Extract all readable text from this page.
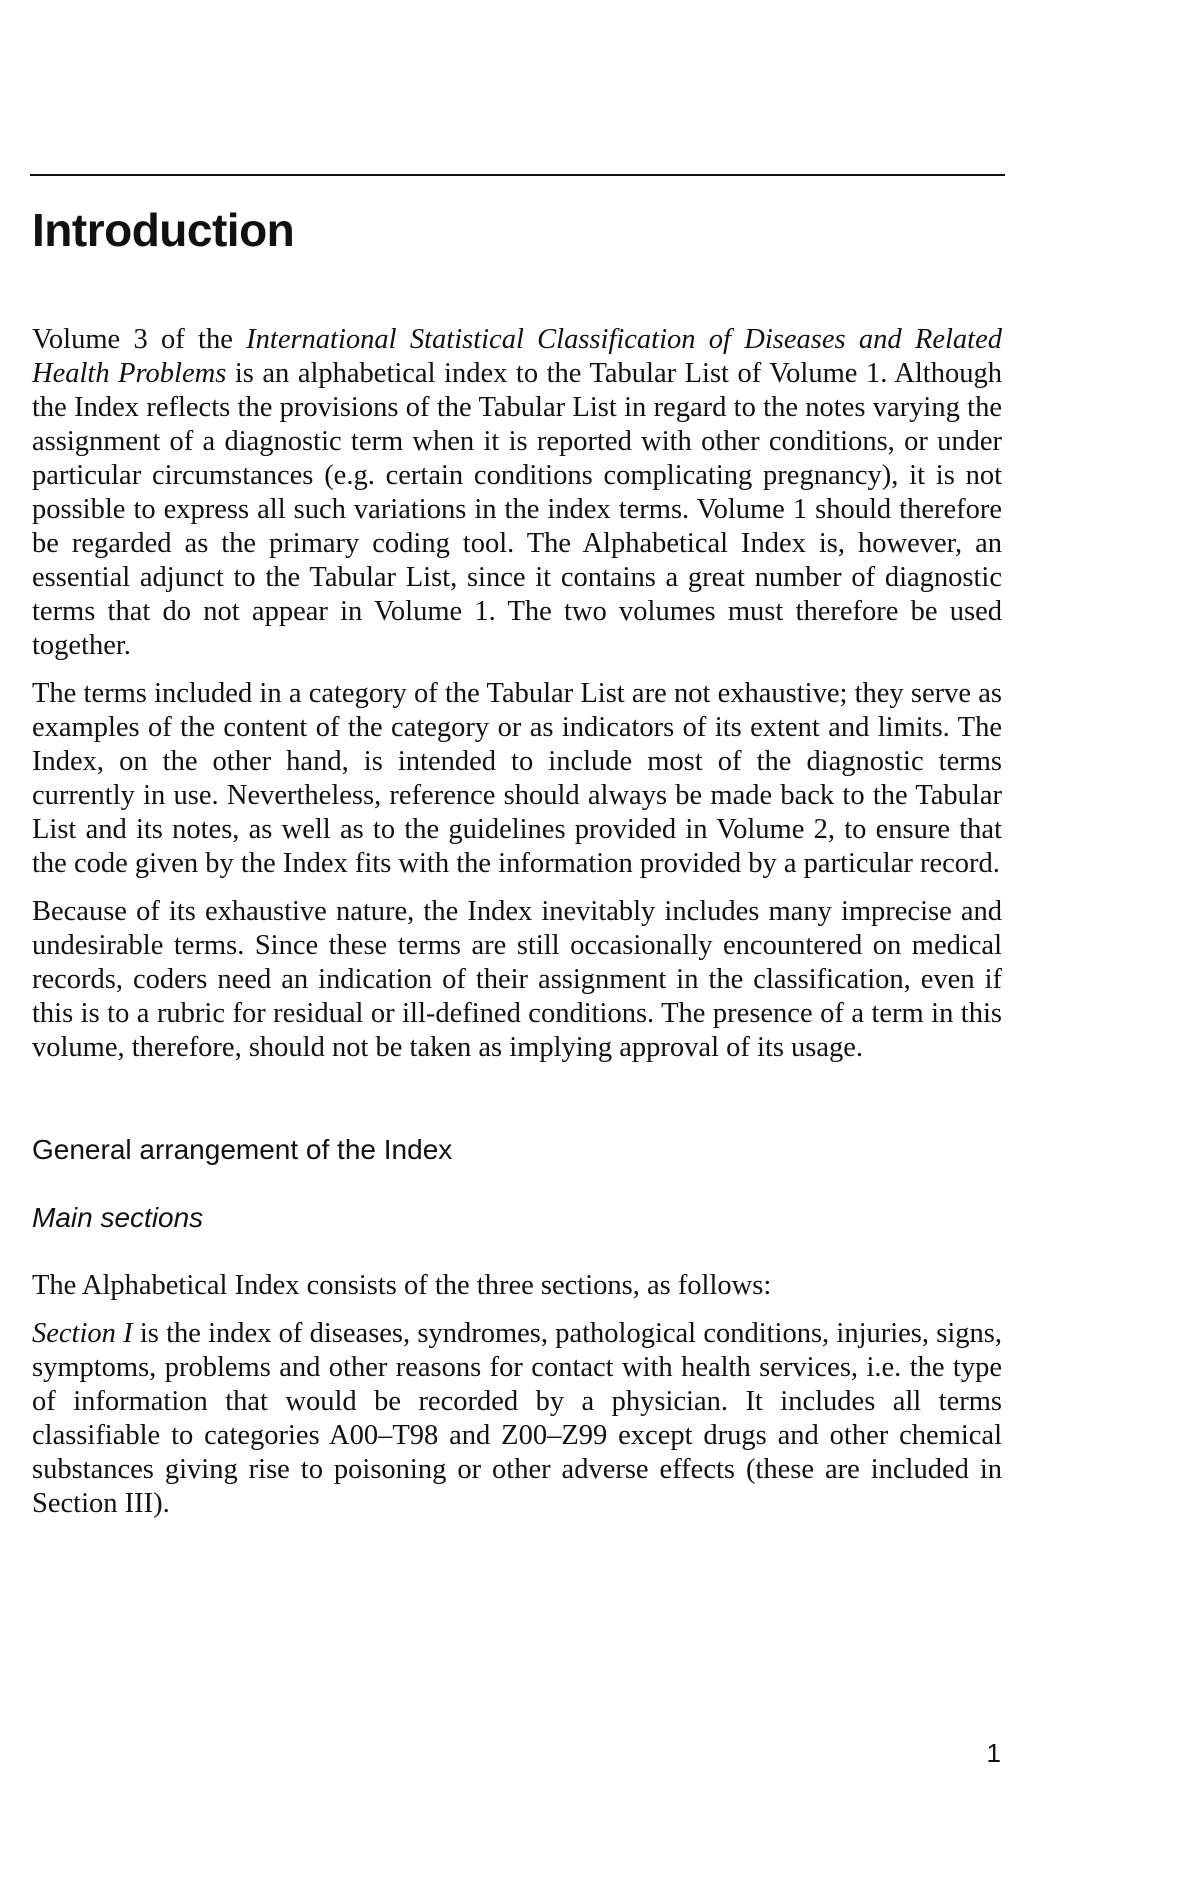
Introduction

Volume 3 of the International Statistical Classification of Diseases and Related Health Problems is an alphabetical index to the Tabular List of Volume 1. Although the Index reflects the provisions of the Tabular List in regard to the notes varying the assignment of a diagnostic term when it is reported with other conditions, or under particular circumstances (e.g. certain conditions complicating pregnancy), it is not possible to express all such variations in the index terms. Volume 1 should therefore be regarded as the primary coding tool. The Alphabetical Index is, however, an essential adjunct to the Tabular List, since it contains a great number of diagnostic terms that do not appear in Volume 1. The two volumes must therefore be used together.

The terms included in a category of the Tabular List are not exhaustive; they serve as examples of the content of the category or as indicators of its extent and limits. The Index, on the other hand, is intended to include most of the diagnostic terms currently in use. Nevertheless, reference should always be made back to the Tabular List and its notes, as well as to the guidelines provided in Volume 2, to ensure that the code given by the Index fits with the information provided by a particular record.

Because of its exhaustive nature, the Index inevitably includes many imprecise and undesirable terms. Since these terms are still occasionally encountered on medical records, coders need an indication of their assignment in the classification, even if this is to a rubric for residual or ill-defined conditions. The presence of a term in this volume, therefore, should not be taken as implying approval of its usage.

General arrangement of the Index
Main sections

The Alphabetical Index consists of the three sections, as follows:

Section I is the index of diseases, syndromes, pathological conditions, injuries, signs, symptoms, problems and other reasons for contact with health services, i.e. the type of information that would be recorded by a physician. It includes all terms classifiable to categories A00–T98 and Z00–Z99 except drugs and other chemical substances giving rise to poisoning or other adverse effects (these are included in Section III).

1
